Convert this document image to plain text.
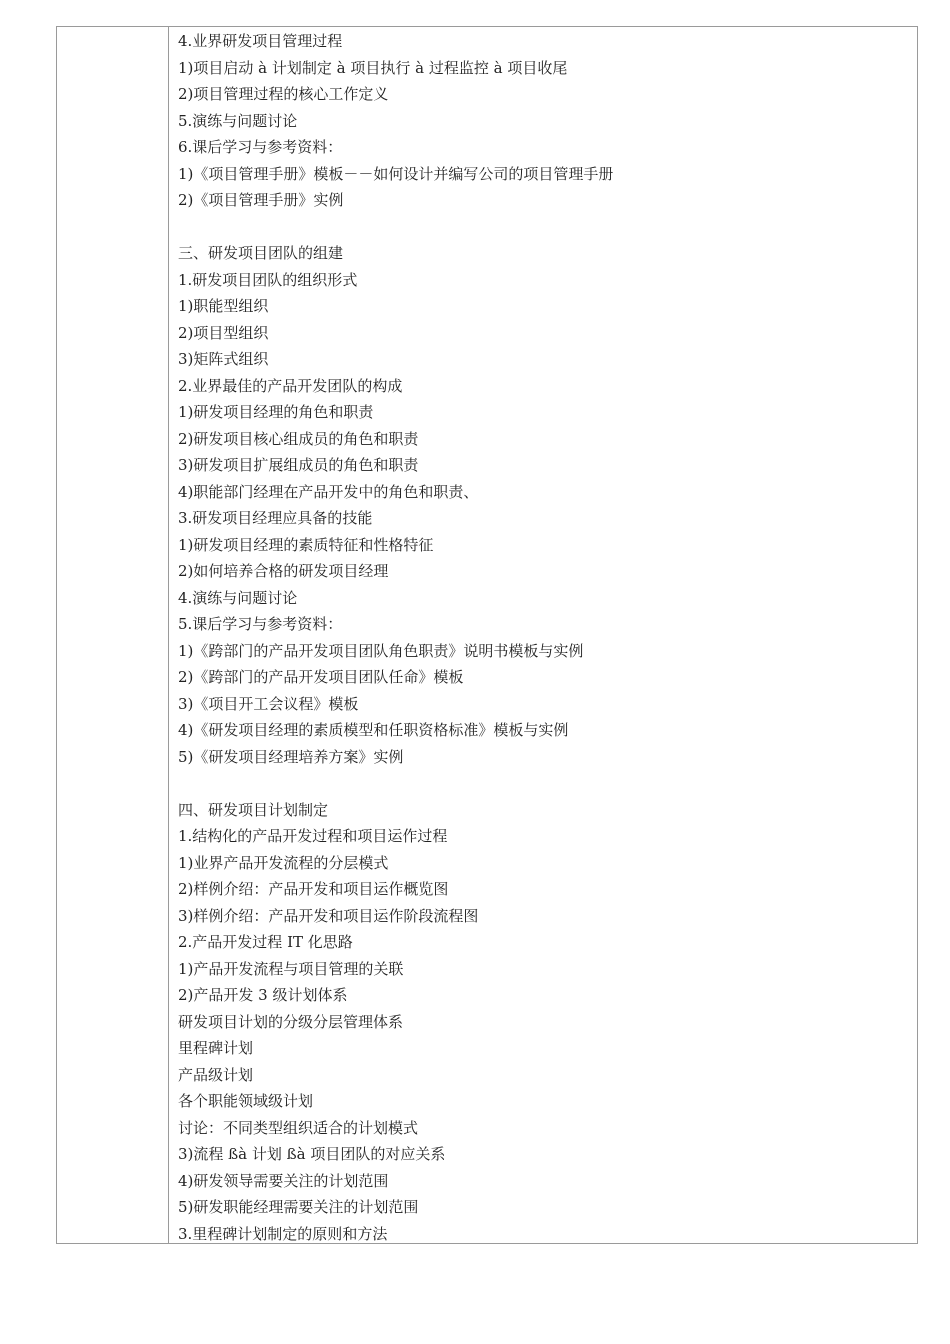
4.业界研发项目管理过程
1)项目启动 à 计划制定 à 项目执行 à 过程监控 à 项目收尾
2)项目管理过程的核心工作定义
5.演练与问题讨论
6.课后学习与参考资料：
1)《项目管理手册》模板－－如何设计并编写公司的项目管理手册
2)《项目管理手册》实例
三、研发项目团队的组建
1.研发项目团队的组织形式
1)职能型组织
2)项目型组织
3)矩阵式组织
2.业界最佳的产品开发团队的构成
1)研发项目经理的角色和职责
2)研发项目核心组成员的角色和职责
3)研发项目扩展组成员的角色和职责
4)职能部门经理在产品开发中的角色和职责、
3.研发项目经理应具备的技能
1)研发项目经理的素质特征和性格特征
2)如何培养合格的研发项目经理
4.演练与问题讨论
5.课后学习与参考资料：
1)《跨部门的产品开发项目团队角色职责》说明书模板与实例
2)《跨部门的产品开发项目团队任命》模板
3)《项目开工会议程》模板
4)《研发项目经理的素质模型和任职资格标准》模板与实例
5)《研发项目经理培养方案》实例
四、研发项目计划制定
1.结构化的产品开发过程和项目运作过程
1)业界产品开发流程的分层模式
2)样例介绍：产品开发和项目运作概览图
3)样例介绍：产品开发和项目运作阶段流程图
2.产品开发过程 IT 化思路
1)产品开发流程与项目管理的关联
2)产品开发 3 级计划体系
研发项目计划的分级分层管理体系
里程碑计划
产品级计划
各个职能领域级计划
讨论：不同类型组织适合的计划模式
3)流程 ßà 计划 ßà 项目团队的对应关系
4)研发领导需要关注的计划范围
5)研发职能经理需要关注的计划范围
3.里程碑计划制定的原则和方法
